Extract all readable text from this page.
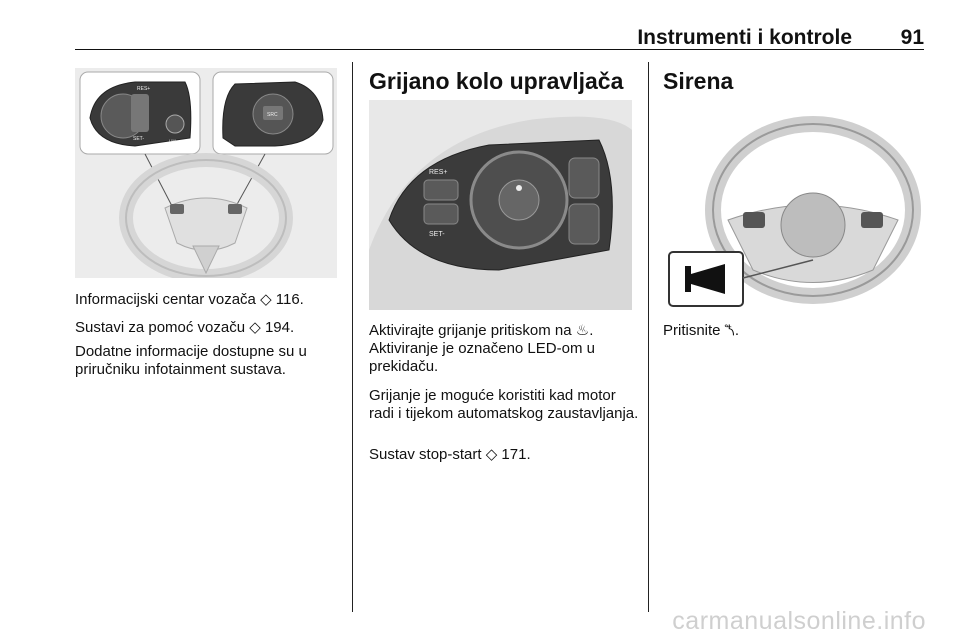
Instrumenti i kontrole 91
RES+
SET-	LIM
SRC

Informacijski centar vozača ◇ 116.

Sustavi za pomoć vozaču ◇ 194.

Dodatne informacije dostupne su u priručniku infotainment sustava.

Grijano kolo upravljača
RES+
SET-

Aktivirajte grijanje pritiskom na ♨. Aktiviranje je označeno LED-om u prekidaču.

Grijanje je moguće koristiti kad motor radi i tijekom automatskog zaustavljanja.

Sustav stop-start ◇ 171.

Sirena

Pritisnite ⯲.

carmanualsonline.info
